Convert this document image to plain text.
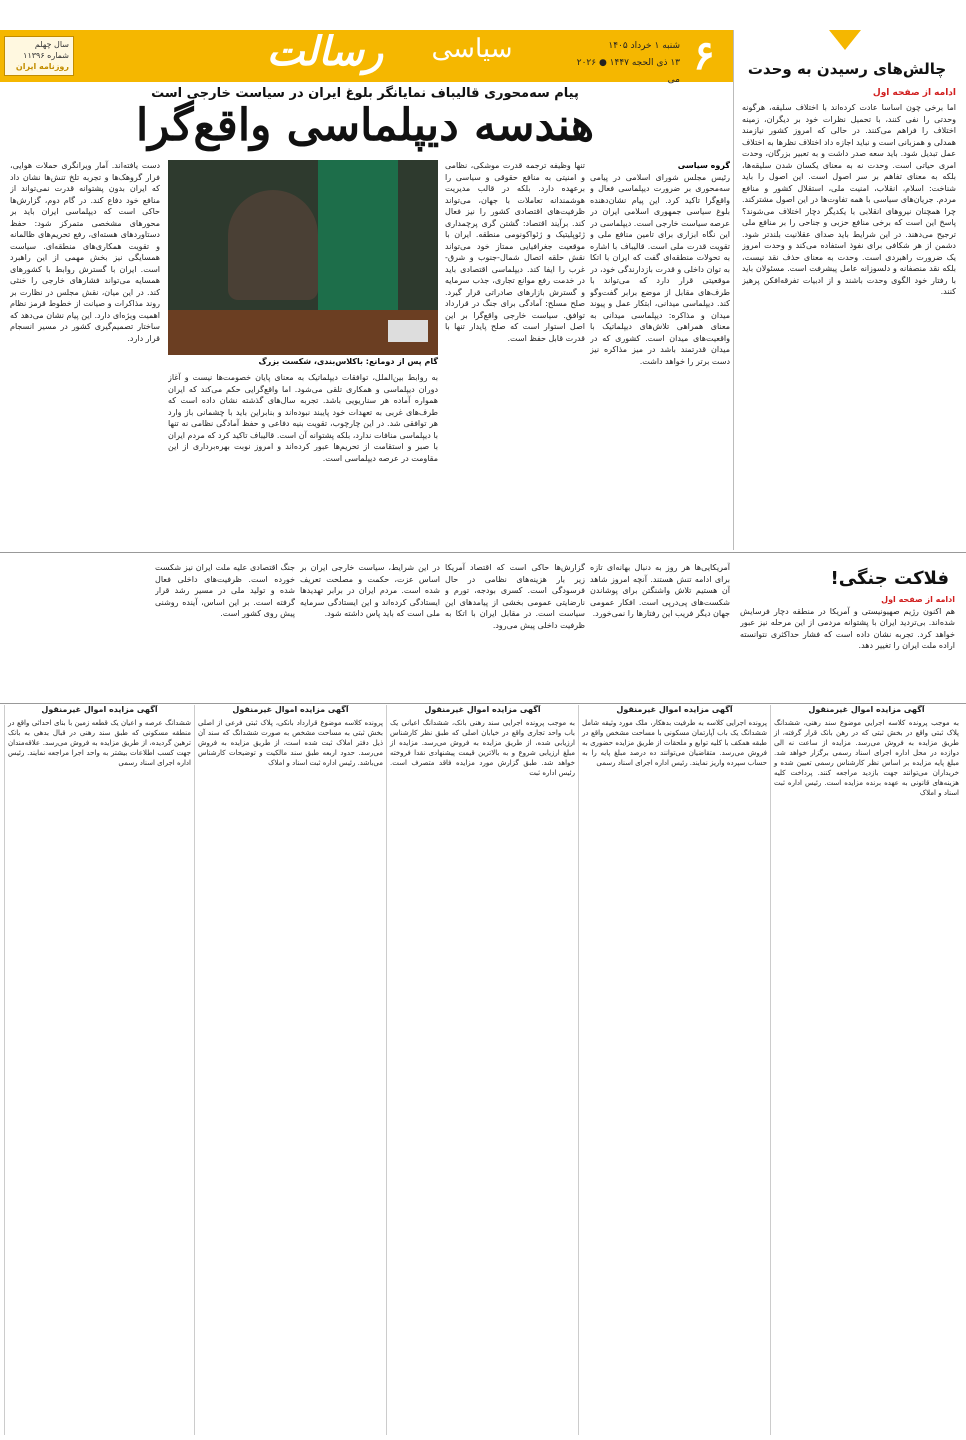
۶
شنبه ۱ خرداد ۱۴۰۵
۱۳ ذی الحجه ۱۴۴۷ ● ۲۰۲۶ می
سیاسی
رسالت
سال چهلم
شماره ۱۱۳۹۶
روزنامه ایران	چالش‌های رسیدن به وحدت
ادامه از صفحه اول
اما برخی چون اساسا عادت کرده‌اند با اختلاف سلیقه، هرگونه وحدتی را نفی کنند، با تحمیل نظرات خود بر دیگران، زمینه اختلاف را فراهم می‌کنند. در حالی که امروز کشور نیازمند همدلی و همزبانی است و نباید اجازه داد اختلاف نظرها به اختلاف عمل تبدیل شود. باید سعه صدر داشت و به تعبیر بزرگان، وحدت امری حیاتی است. وحدت نه به معنای یکسان شدن سلیقه‌ها، بلکه به معنای تفاهم بر سر اصول است. این اصول را باید شناخت: اسلام، انقلاب، امنیت ملی، استقلال کشور و منافع مردم. جریان‌های سیاسی با همه تفاوت‌ها در این اصول مشترکند. چرا همچنان نیروهای انقلابی با یکدیگر دچار اختلاف می‌شوند؟ پاسخ این است که برخی منافع حزبی و جناحی را بر منافع ملی ترجیح می‌دهند. در این شرایط باید صدای عقلانیت بلندتر شود. دشمن از هر شکافی برای نفوذ استفاده می‌کند و وحدت امروز یک ضرورت راهبردی است. وحدت به معنای حذف نقد نیست، بلکه نقد منصفانه و دلسوزانه عامل پیشرفت است. مسئولان باید با رفتار خود الگوی وحدت باشند و از ادبیات تفرقه‌افکن پرهیز کنند.
پیام سه‌محوری قالیباف نمایانگر بلوغ ایران در سیاست خارجی است
هندسه دیپلماسی واقع‌گرا
گروه سیاسی
رئیس مجلس شورای اسلامی در پیامی سه‌محوری بر ضرورت دیپلماسی فعال و واقع‌گرا تاکید کرد. این پیام نشان‌دهنده بلوغ سیاسی جمهوری اسلامی ایران در عرصه سیاست خارجی است. دیپلماسی در این نگاه ابزاری برای تامین منافع ملی و تقویت قدرت ملی است. قالیباف با اشاره به تحولات منطقه‌ای گفت که ایران با اتکا به توان داخلی و قدرت بازدارندگی خود، در موقعیتی قرار دارد که می‌تواند با طرف‌های مقابل از موضع برابر گفت‌وگو کند. دیپلماسی میدانی، ابتکار عمل و پیوند میدان و مذاکره: دیپلماسی میدانی به معنای همراهی تلاش‌های دیپلماتیک با واقعیت‌های میدان است. کشوری که در میدان قدرتمند باشد در میز مذاکره نیز دست برتر را خواهد داشت.
تنها وظیفه ترجمه قدرت موشکی، نظامی و امنیتی به منافع حقوقی و سیاسی را برعهده دارد. بلکه در قالب مدیریت هوشمندانه تعاملات با جهان، می‌تواند ظرفیت‌های اقتصادی کشور را نیز فعال کند. برآیند اقتصاد: گشتن گری پرچمداری ژئوپلیتیک و ژئواکونومی منطقه. ایران با موقعیت جغرافیایی ممتاز خود می‌تواند نقش حلقه اتصال شمال-جنوب و شرق-غرب را ایفا کند. دیپلماسی اقتصادی باید در خدمت رفع موانع تجاری، جذب سرمایه و گسترش بازارهای صادراتی قرار گیرد. صلح مسلح: آمادگی برای جنگ در قرارداد توافق. سیاست خارجی واقع‌گرا بر این اصل استوار است که صلح پایدار تنها با قدرت قابل حفظ است.
گام پس از دومانع: باکلاس‌بندی، شکست بزرگ
به روابط بین‌الملل، توافقات دیپلماتیک به معنای پایان خصومت‌ها نیست و آغاز دوران دیپلماسی و همکاری تلقی می‌شود. اما واقع‌گرایی حکم می‌کند که ایران همواره آماده هر سناریویی باشد. تجربه سال‌های گذشته نشان داده است که طرف‌های غربی به تعهدات خود پایبند نبوده‌اند و بنابراین باید با چشمانی باز وارد هر توافقی شد. در این چارچوب، تقویت بنیه دفاعی و حفظ آمادگی نظامی نه تنها با دیپلماسی منافات ندارد، بلکه پشتوانه آن است. قالیباف تاکید کرد که مردم ایران با صبر و استقامت از تحریم‌ها عبور کرده‌اند و امروز نوبت بهره‌برداری از این مقاومت در عرصه دیپلماسی است.
دست یافته‌اند. آمار ویرانگری حملات هوایی، فرار گروهک‌ها و تجربه تلخ تنش‌ها نشان داد که ایران بدون پشتوانه قدرت نمی‌تواند از منافع خود دفاع کند. در گام دوم، گزارش‌ها حاکی است که دیپلماسی ایران باید بر محورهای مشخصی متمرکز شود: حفظ دستاوردهای هسته‌ای، رفع تحریم‌های ظالمانه و تقویت همکاری‌های منطقه‌ای. سیاست همسایگی نیز بخش مهمی از این راهبرد است. ایران با گسترش روابط با کشورهای همسایه می‌تواند فشارهای خارجی را خنثی کند. در این میان، نقش مجلس در نظارت بر روند مذاکرات و صیانت از خطوط قرمز نظام اهمیت ویژه‌ای دارد. این پیام نشان می‌دهد که ساختار تصمیم‌گیری کشور در مسیر انسجام قرار دارد.
فلاکت جنگی!
ادامه از صفحه اول
هم اکنون رژیم صهیونیستی و آمریکا در منطقه دچار فرسایش شده‌اند. بی‌تردید ایران با پشتوانه مردمی از این مرحله نیز عبور خواهد کرد. تجربه نشان داده است که فشار حداکثری نتوانسته اراده ملت ایران را تغییر دهد.
آمریکایی‌ها هر روز به دنبال بهانه‌ای تازه برای ادامه تنش هستند. آنچه امروز شاهد آن هستیم تلاش واشنگتن برای پوشاندن شکست‌های پی‌درپی است. افکار عمومی جهان دیگر فریب این رفتارها را نمی‌خورد.
گزارش‌ها حاکی است که اقتصاد آمریکا زیر بار هزینه‌های نظامی در حال فرسودگی است. کسری بودجه، تورم و نارضایتی عمومی بخشی از پیامدهای این سیاست است. در مقابل ایران با اتکا به ظرفیت داخلی پیش می‌رود.
در این شرایط، سیاست خارجی ایران بر اساس عزت، حکمت و مصلحت تعریف شده است. مردم ایران در برابر تهدیدها ایستادگی کرده‌اند و این ایستادگی سرمایه ملی است که باید پاس داشته شود.
جنگ اقتصادی علیه ملت ایران نیز شکست خورده است. ظرفیت‌های داخلی فعال شده و تولید ملی در مسیر رشد قرار گرفته است. بر این اساس، آینده روشنی پیش روی کشور است.
آگهی مزایده اموال غیرمنقول
به موجب پرونده کلاسه اجرایی موضوع سند رهنی، ششدانگ پلاک ثبتی واقع در بخش ثبتی که در رهن بانک قرار گرفته، از طریق مزایده به فروش می‌رسد. مزایده از ساعت نه الی دوازده در محل اداره اجرای اسناد رسمی برگزار خواهد شد. مبلغ پایه مزایده بر اساس نظر کارشناس رسمی تعیین شده و خریداران می‌توانند جهت بازدید مراجعه کنند. پرداخت کلیه هزینه‌های قانونی به عهده برنده مزایده است. رئیس اداره ثبت اسناد و املاک
آگهی مزایده اموال غیرمنقول
پرونده اجرایی کلاسه به طرفیت بدهکار، ملک مورد وثیقه شامل ششدانگ یک باب آپارتمان مسکونی با مساحت مشخص واقع در طبقه همکف با کلیه توابع و ملحقات از طریق مزایده حضوری به فروش می‌رسد. متقاضیان می‌توانند ده درصد مبلغ پایه را به حساب سپرده واریز نمایند. رئیس اداره اجرای اسناد رسمی
آگهی مزایده اموال غیرمنقول
به موجب پرونده اجرایی سند رهنی بانک، ششدانگ اعیانی یک باب واحد تجاری واقع در خیابان اصلی که طبق نظر کارشناس ارزیابی شده، از طریق مزایده به فروش می‌رسد. مزایده از مبلغ ارزیابی شروع و به بالاترین قیمت پیشنهادی نقدا فروخته خواهد شد. طبق گزارش مورد مزایده فاقد متصرف است. رئیس اداره ثبت
آگهی مزایده اموال غیرمنقول
پرونده کلاسه موضوع قرارداد بانکی، پلاک ثبتی فرعی از اصلی بخش ثبتی به مساحت مشخص به صورت ششدانگ که سند آن ذیل دفتر املاک ثبت شده است، از طریق مزایده به فروش می‌رسد. حدود اربعه طبق سند مالکیت و توضیحات کارشناس می‌باشد. رئیس اداره ثبت اسناد و املاک
آگهی مزایده اموال غیرمنقول
ششدانگ عرصه و اعیان یک قطعه زمین با بنای احداثی واقع در منطقه مسکونی که طبق سند رهنی در قبال بدهی به بانک ترهین گردیده، از طریق مزایده به فروش می‌رسد. علاقه‌مندان جهت کسب اطلاعات بیشتر به واحد اجرا مراجعه نمایند. رئیس اداره اجرای اسناد رسمی
